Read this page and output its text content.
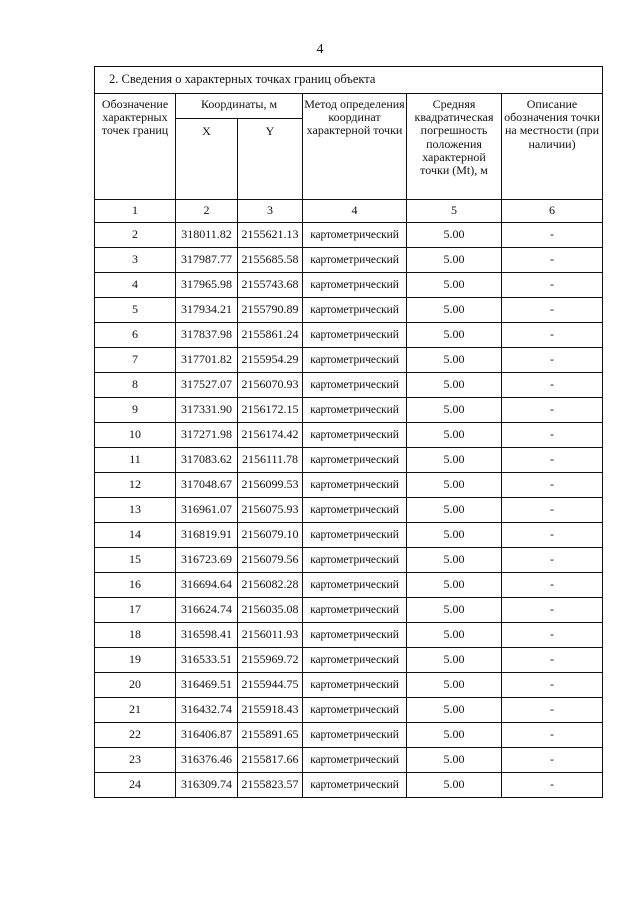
4
2. Сведения о характерных точках границ объекта					
Обозначение характерных точек границ	Координаты, м		Метод определения координат характерной точки	Средняя квадратическая погрешность положения характерной точки (Mt), м	Описание обозначения точки на местности (при наличии)
	X	Y			
1	2	3	4	5	6
2	318011.82	2155621.13	картометрический	5.00	-
3	317987.77	2155685.58	картометрический	5.00	-
4	317965.98	2155743.68	картометрический	5.00	-
5	317934.21	2155790.89	картометрический	5.00	-
6	317837.98	2155861.24	картометрический	5.00	-
7	317701.82	2155954.29	картометрический	5.00	-
8	317527.07	2156070.93	картометрический	5.00	-
9	317331.90	2156172.15	картометрический	5.00	-
10	317271.98	2156174.42	картометрический	5.00	-
11	317083.62	2156111.78	картометрический	5.00	-
12	317048.67	2156099.53	картометрический	5.00	-
13	316961.07	2156075.93	картометрический	5.00	-
14	316819.91	2156079.10	картометрический	5.00	-
15	316723.69	2156079.56	картометрический	5.00	-
16	316694.64	2156082.28	картометрический	5.00	-
17	316624.74	2156035.08	картометрический	5.00	-
18	316598.41	2156011.93	картометрический	5.00	-
19	316533.51	2155969.72	картометрический	5.00	-
20	316469.51	2155944.75	картометрический	5.00	-
21	316432.74	2155918.43	картометрический	5.00	-
22	316406.87	2155891.65	картометрический	5.00	-
23	316376.46	2155817.66	картометрический	5.00	-
24	316309.74	2155823.57	картометрический	5.00	-
